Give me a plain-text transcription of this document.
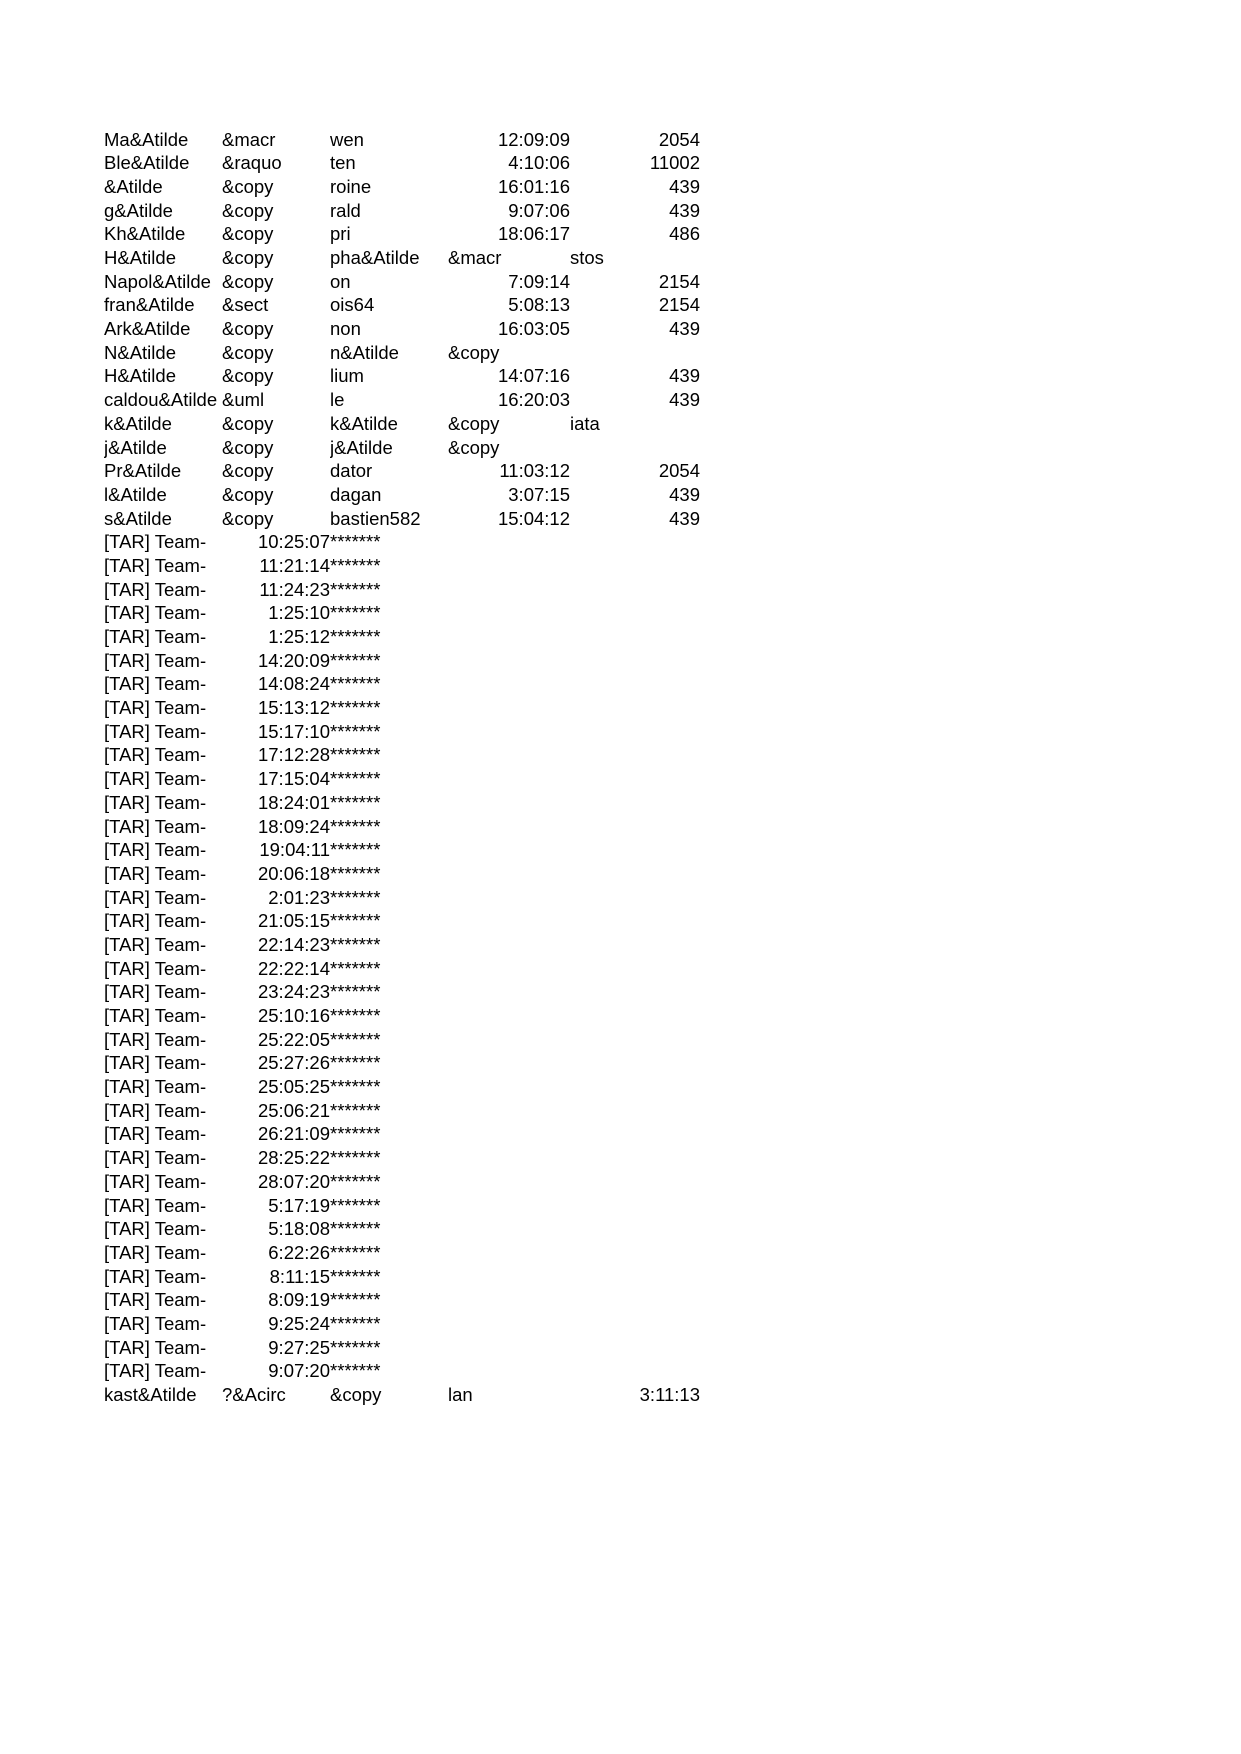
Ma&Atilde	&macr	wen	12:09:09	2054
Ble&Atilde	&raquo	ten	4:10:06	11002
&Atilde	&copy	roine	16:01:16	439
g&Atilde	&copy	rald	9:07:06	439
Kh&Atilde	&copy	pri	18:06:17	486
H&Atilde	&copy	pha&Atilde	&macr	stos
Napol&Atilde	&copy	on	7:09:14	2154
fran&Atilde	&sect	ois64	5:08:13	2154
Ark&Atilde	&copy	non	16:03:05	439
N&Atilde	&copy	n&Atilde	&copy	
H&Atilde	&copy	lium	14:07:16	439
caldou&Atilde	&uml	le	16:20:03	439
k&Atilde	&copy	k&Atilde	&copy	iata
j&Atilde	&copy	j&Atilde	&copy	
Pr&Atilde	&copy	dator	11:03:12	2054
l&Atilde	&copy	dagan	3:07:15	439
s&Atilde	&copy	bastien582	15:04:12	439
[TAR] Team-	10:25:07	*******		
[TAR] Team-	11:21:14	*******		
[TAR] Team-	11:24:23	*******		
[TAR] Team-	1:25:10	*******		
[TAR] Team-	1:25:12	*******		
[TAR] Team-	14:20:09	*******		
[TAR] Team-	14:08:24	*******		
[TAR] Team-	15:13:12	*******		
[TAR] Team-	15:17:10	*******		
[TAR] Team-	17:12:28	*******		
[TAR] Team-	17:15:04	*******		
[TAR] Team-	18:24:01	*******		
[TAR] Team-	18:09:24	*******		
[TAR] Team-	19:04:11	*******		
[TAR] Team-	20:06:18	*******		
[TAR] Team-	2:01:23	*******		
[TAR] Team-	21:05:15	*******		
[TAR] Team-	22:14:23	*******		
[TAR] Team-	22:22:14	*******		
[TAR] Team-	23:24:23	*******		
[TAR] Team-	25:10:16	*******		
[TAR] Team-	25:22:05	*******		
[TAR] Team-	25:27:26	*******		
[TAR] Team-	25:05:25	*******		
[TAR] Team-	25:06:21	*******		
[TAR] Team-	26:21:09	*******		
[TAR] Team-	28:25:22	*******		
[TAR] Team-	28:07:20	*******		
[TAR] Team-	5:17:19	*******		
[TAR] Team-	5:18:08	*******		
[TAR] Team-	6:22:26	*******		
[TAR] Team-	8:11:15	*******		
[TAR] Team-	8:09:19	*******		
[TAR] Team-	9:25:24	*******		
[TAR] Team-	9:27:25	*******		
[TAR] Team-	9:07:20	*******		
kast&Atilde	?&Acirc	&copy	lan	3:11:13
